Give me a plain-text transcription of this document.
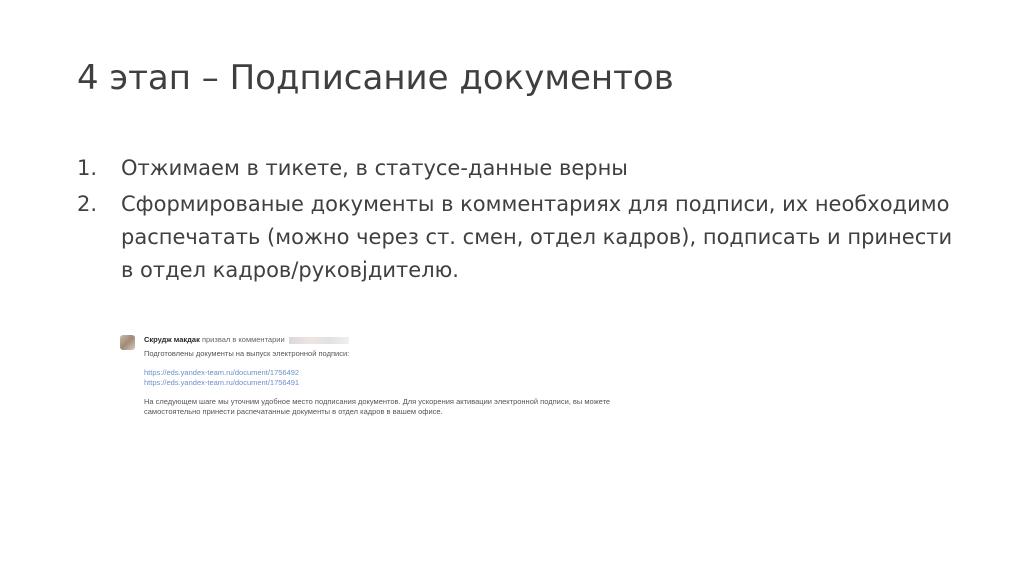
4 этап – Подписание документов
1. Отжимаем в тикете, в статусе-данные верны
2. Сформированые документы в комментариях для подписи, их необходимо распечатать (можно через ст. смен, отдел кадров), подписать и принести в отдел кадров/руковjдителю.
Скрудж макдак призвал в комментарии
Подготовлены документы на выпуск электронной подписи:
https://eds.yandex-team.ru/document/1756492
https://eds.yandex-team.ru/document/1756491
На следующем шаге мы уточним удобное место подписания документов. Для ускорения активации электронной подписи, вы можете
самостоятельно принести распечатанные документы в отдел кадров в вашем офисе.
